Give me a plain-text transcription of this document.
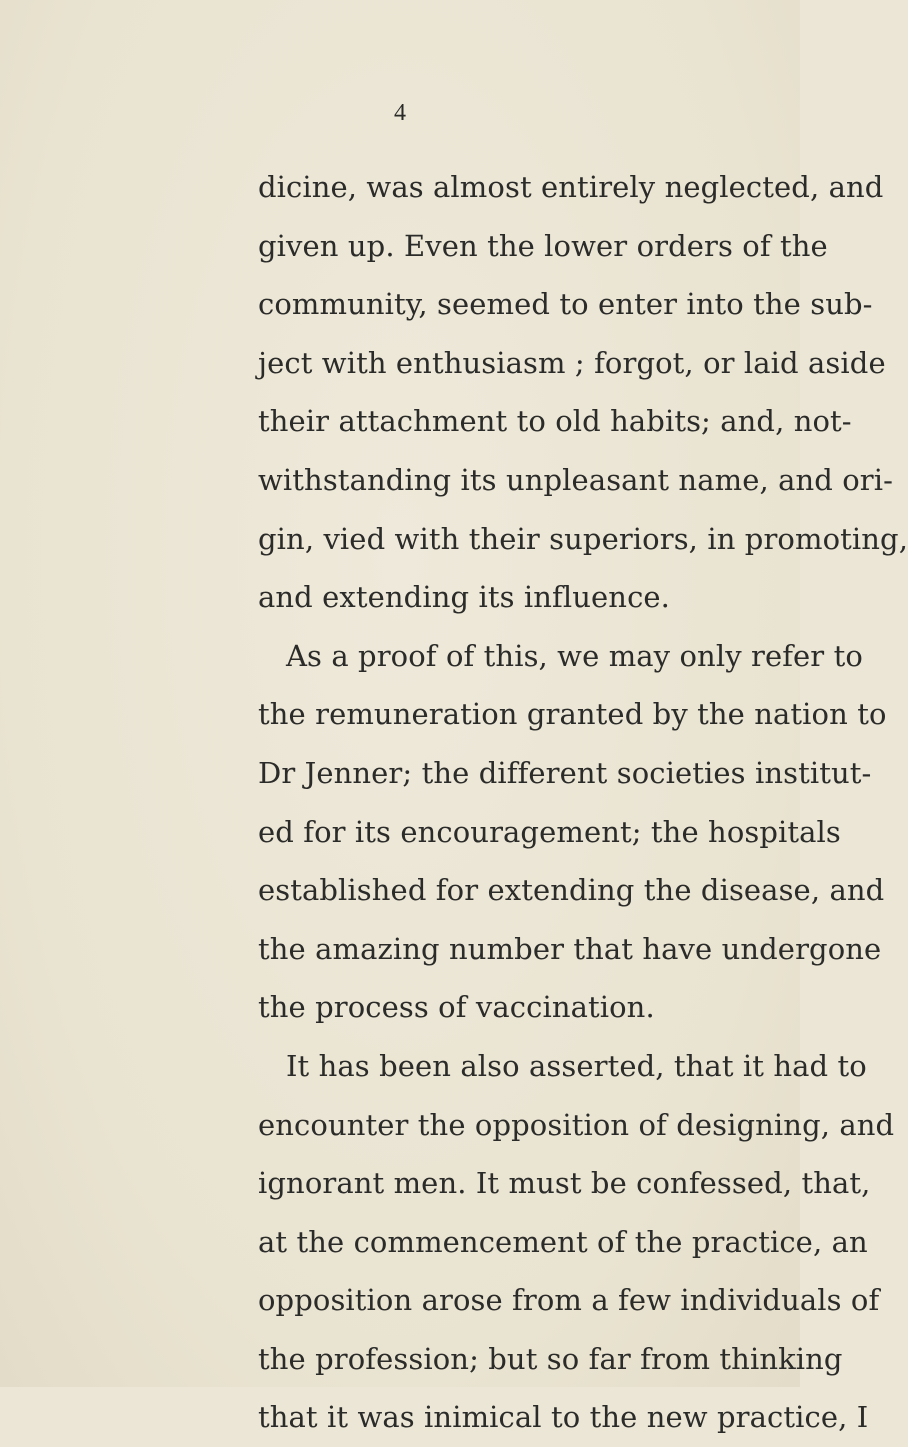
4
dicine, was almost entirely neglected, and
given up. Even the lower orders of the
community, seemed to enter into the sub-
ject with enthusiasm ; forgot, or laid aside
their attachment to old habits; and, not-
withstanding its unpleasant name, and ori-
gin, vied with their superiors, in promoting,
and extending its influence.
As a proof of this, we may only refer to
the remuneration granted by the nation to
Dr Jenner; the different societies institut-
ed for its encouragement; the hospitals
established for extending the disease, and
the amazing number that have undergone
the process of vaccination.
It has been also asserted, that it had to
encounter the opposition of designing, and
ignorant men. It must be confessed, that,
at the commencement of the practice, an
opposition arose from a few individuals of
the profession; but so far from thinking
that it was inimical to the new practice, I
